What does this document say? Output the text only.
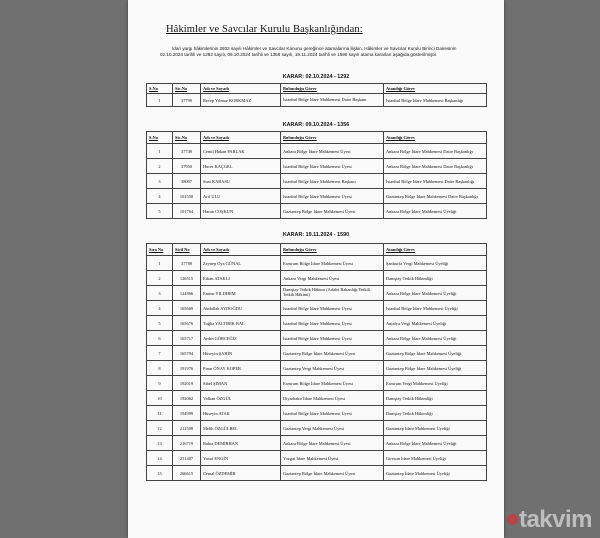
Hâkimler ve Savcılar Kurulu Başkanlığından:
İdari yargı hâkimlerinin 2802 sayılı Hâkimler ve Savcılar Kanunu gereğince atamalarına ilişkin, Hâkimler ve Savcılar Kurulu Birinci Dairesinin 02.10.2024 tarihli ve 1292 sayılı, 09.10.2024 tarihli ve 1356 sayılı, 19.11.2024 tarihli ve 1590 sayılı atama kararları aşağıda gösterilmiştir.
KARAR: 02.10.2024 - 1292
S.No	Sic.No	Adı ve Soyadı	Bulunduğu Görev	Atandığı Görev
1	37790	Recep Yılmaz KORKMAZ	İstanbul Bölge İdare Mahkemesi Daire Başkanı	İstanbul Bölge İdare Mahkemesi Başkanlığı
KARAR: 09.10.2024 - 1356
S.No	Sic.No	Adı ve Soyadı	Bulunduğu Görev	Atandığı Görev
1	37749	Cemil Hakan PARLAK	Ankara Bölge İdare Mahkemesi Üyesi	Ankara Bölge İdare Mahkemesi Daire Başkanlığı
2	37950	Hacer KAÇGEL	İstanbul Bölge İdare Mahkemesi Üyesi	Ankara Bölge İdare Mahkemesi Daire Başkanlığı
3	38007	Suat KARASU	İstanbul Bölge İdare Mahkemesi Başkanı	İstanbul Bölge İdare Mahkemesi Daire Başkanlığı
4	101558	Arif ULU	İstanbul Bölge İdare Mahkemesi Üyesi	Gaziantep Bölge İdare Mahkemesi Daire Başkanlığı
5	101764	Harun COŞKUN	Gaziantep Bölge İdare Mahkemesi Üyesi	Ankara Bölge İdare Mahkemesi Üyeliği
KARAR: 19.11.2024 - 1590
Sıra No	Sicil No	Adı ve Soyadı	Bulunduğu Görev	Atandığı Görev
1	37788	Zeynep Oya GÜNAL	Erzurum Bölge İdare Mahkemesi Üyesi	Şanlıurfa Vergi Mahkemesi Üyeliği
2	126515	Erkan ATAKLI	Ankara Vergi Mahkemesi Üyesi	Danıştay Tetkik Hâkimliği
3	124866	Emine YILDIRIM	Danıştay Tetkik Hâkimi (Adalet Bakanlığı Yetkili Tetkik Hâkimi)	Ankara Bölge İdare Mahkemesi Üyeliği
4	165669	Abdullah AYDOĞDU	İstanbul Bölge İdare Mahkemesi Üyesi	İstanbul Bölge İdare Mahkemesi Üyeliği
5	165676	Tuğba YALTIRIK BAL	İstanbul Bölge İdare Mahkemesi Üyesi	Antalya Vergi Mahkemesi Üyeliği
6	165717	Aydın GÖRCEĞİZ	İstanbul Bölge İdare Mahkemesi Üyesi	Ankara Bölge İdare Mahkemesi Üyeliği
7	165794	Hüseyin ŞAHİN	Gaziantep Bölge İdare Mahkemesi Üyesi	Gaziantep Bölge İdare Mahkemesi Üyeliği
8	191976	Pınar ÖNAY KOPER	Gaziantep Vergi Mahkemesi Üyesi	Gaziantep Bölge İdare Mahkemesi Üyeliği
9	192019	Sibel ŞIMAN	Erzurum Bölge İdare Mahkemesi Üyesi	Erzurum Vergi Mahkemesi Üyeliği
10	192062	Volkan ÖZGÜL	Diyarbakır İdare Mahkemesi Üyesi	Danıştay Tetkik Hâkimliği
11	194999	Hüseyin ATAK	İstanbul Bölge İdare Mahkemesi Üyesi	Danıştay Tetkik Hâkimliği
12	212508	Melih ÖZGÜLBEL	Gaziantep Vergi Mahkemesi Üyesi	Gaziantep İdare Mahkemesi Üyeliği
13	216719	Rabia DEMİRHAN	Ankara Bölge İdare Mahkemesi Üyesi	Ankara Bölge İdare Mahkemesi Üyeliği
14	251407	Yusuf ENGİN	Yozgat İdare Mahkemesi Üyesi	Giresun İdare Mahkemesi Üyeliği
15	266615	Cemal ÖZDEMİR	Gaziantep Bölge İdare Mahkemesi Üyesi	Gaziantep İdare Mahkemesi Üyeliği
takvim
